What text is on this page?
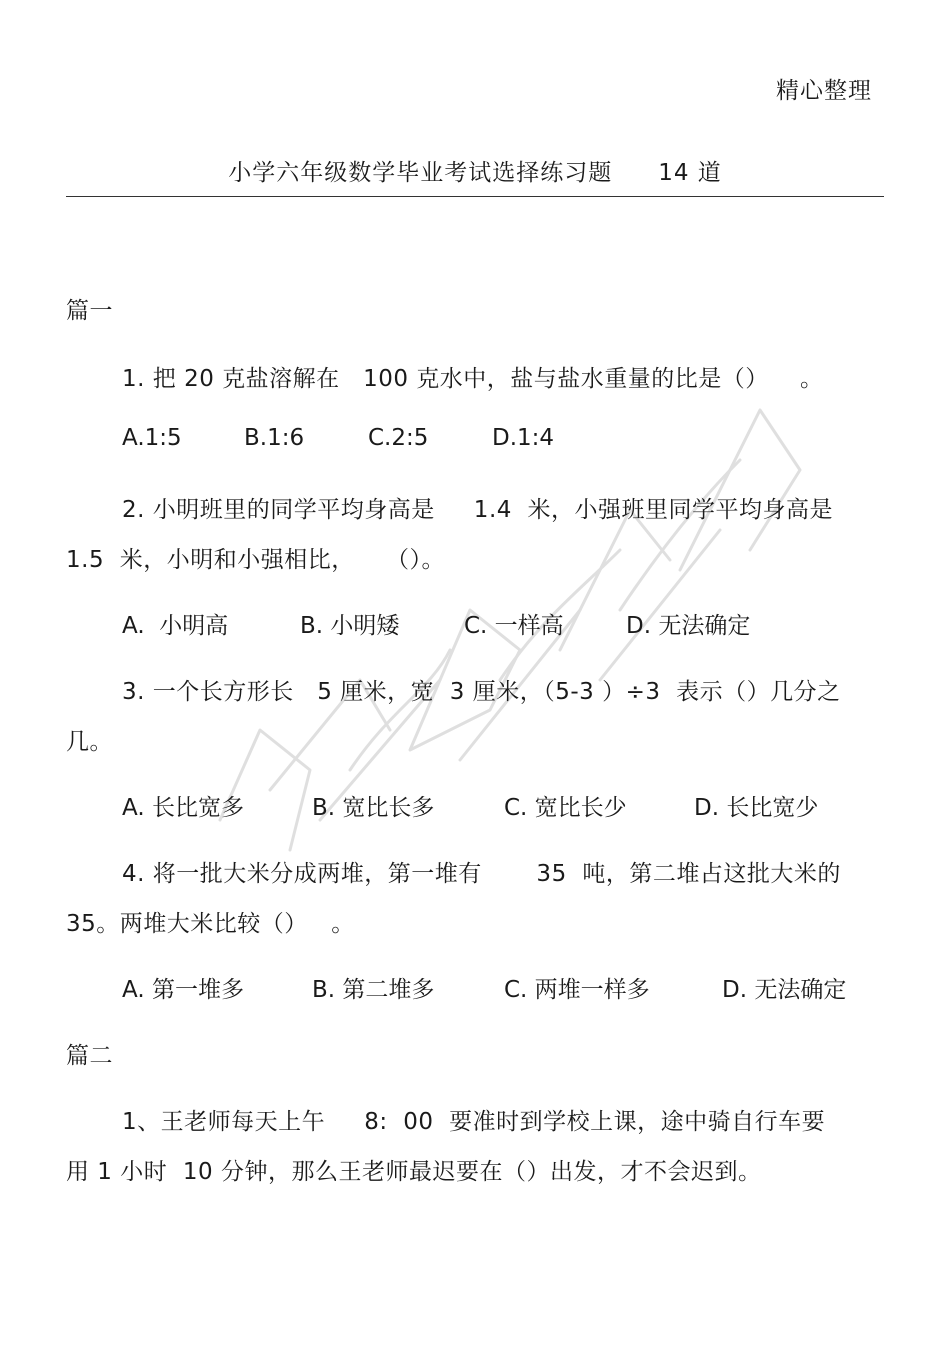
精心整理
小学六年级数学毕业考试选择练习题 14 道
篇一
1. 把 20 克盐溶解在   100 克水中，盐与盐水重量的比是（）    。
A.1:5	B.1:6	C.2:5	D.1:4
2. 小明班里的同学平均身高是     1.4  米，小强班里同学平均身高是
1.5  米，小明和小强相比，    （）。
A.  小明高	B. 小明矮	C. 一样高	D. 无法确定
3. 一个长方形长   5 厘米，宽  3 厘米，（5-3 ）÷3  表示（）几分之
几。
A. 长比宽多	B. 宽比长多	C. 宽比长少	D. 长比宽少
4. 将一批大米分成两堆，第一堆有       35  吨，第二堆占这批大米的
35。两堆大米比较（）   。
A. 第一堆多	B. 第二堆多	C. 两堆一样多	D. 无法确定
篇二
1、王老师每天上午     8:  00  要准时到学校上课，途中骑自行车要
用 1 小时  10 分钟，那么王老师最迟要在（）出发，才不会迟到。
